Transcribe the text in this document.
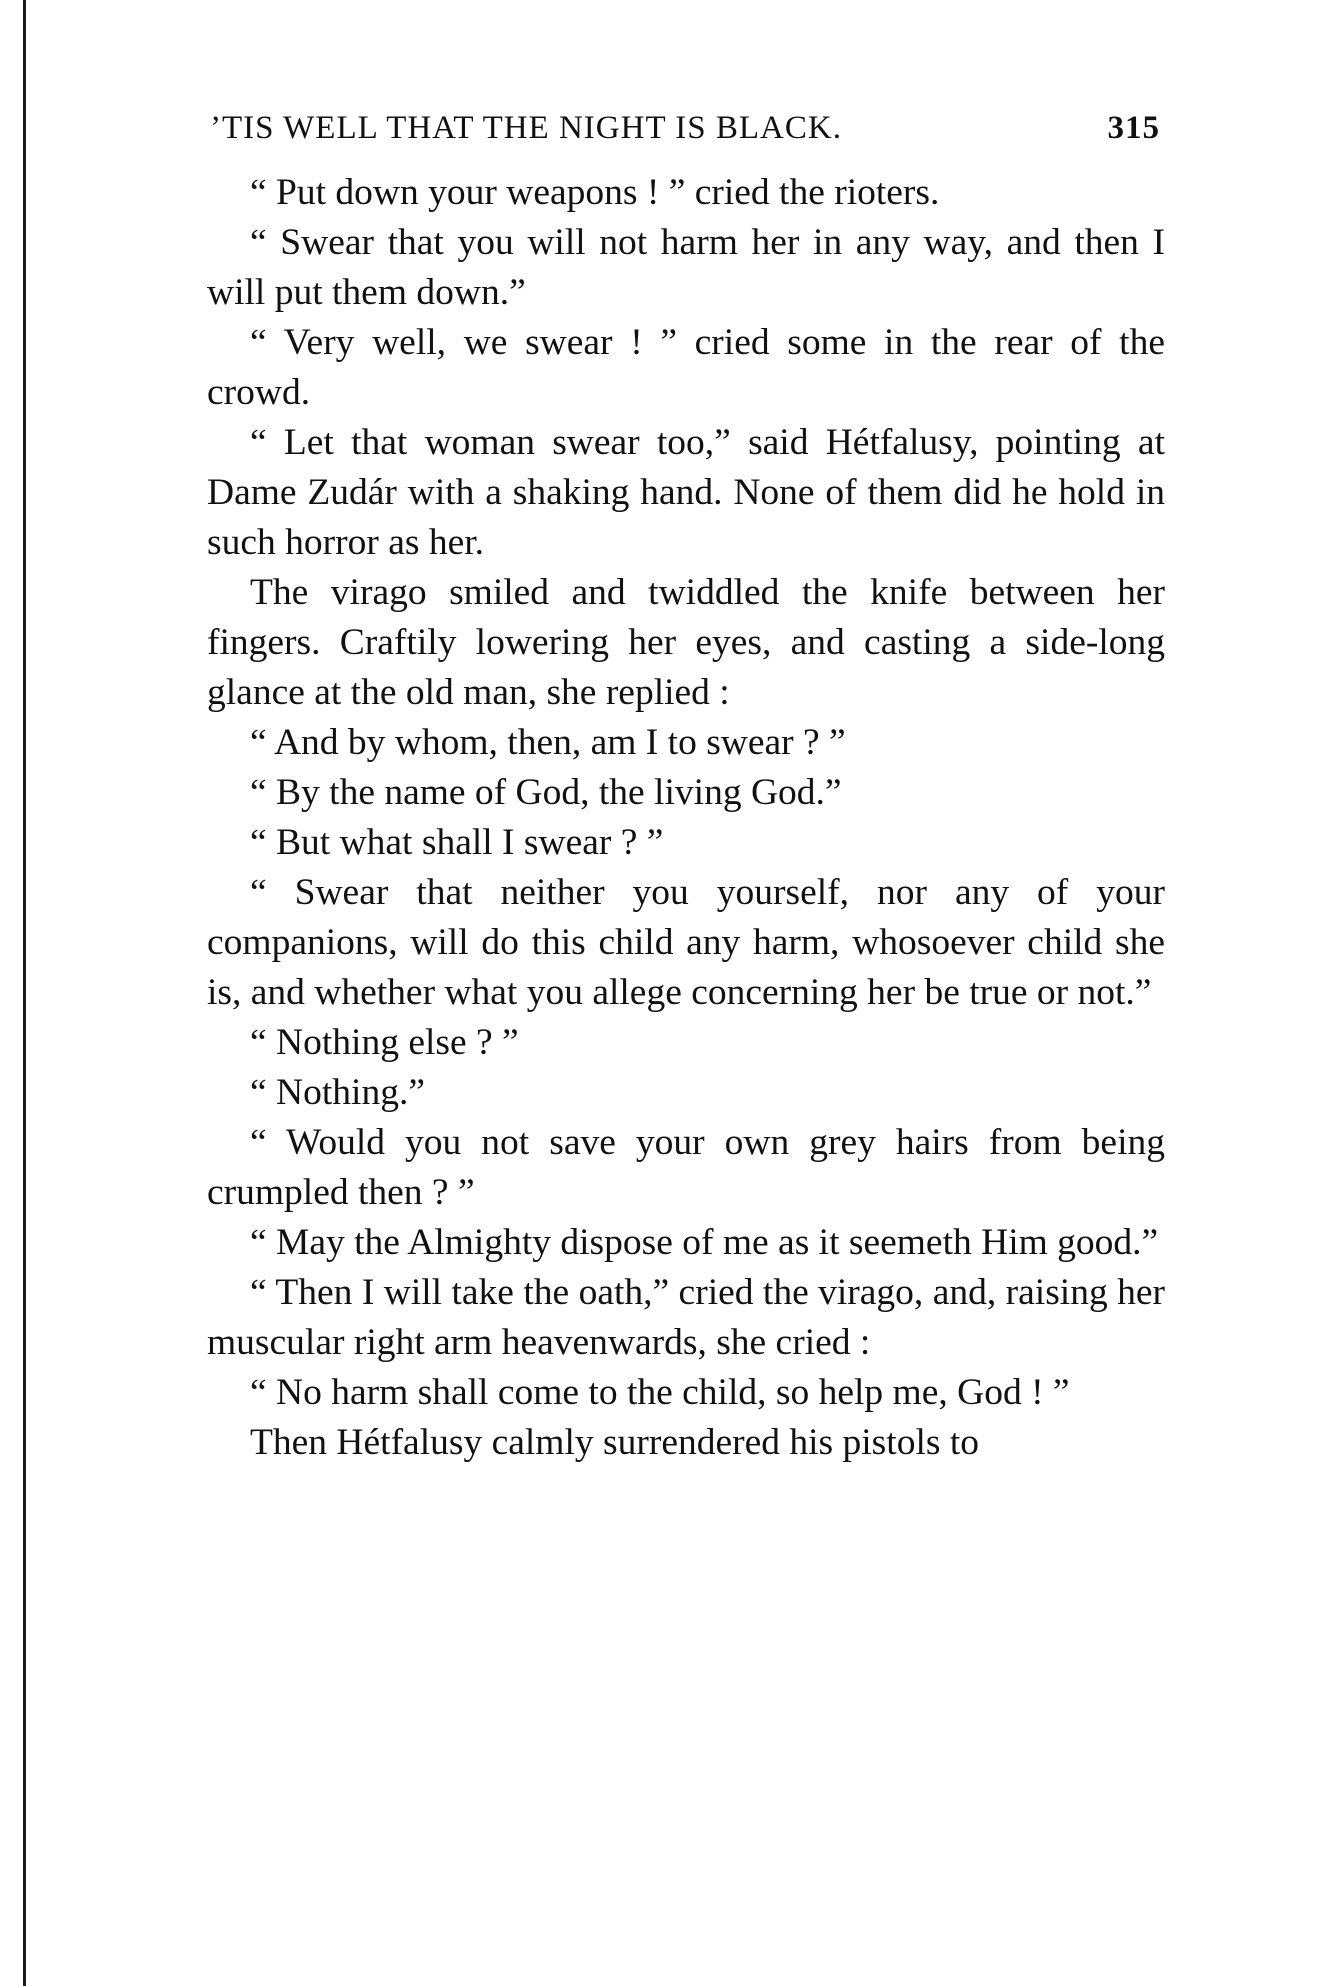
’TIS WELL THAT THE NIGHT IS BLACK.	315

“ Put down your weapons ! ” cried the rioters.

“ Swear that you will not harm her in any way, and then I will put them down.”

“ Very well, we swear ! ” cried some in the rear of the crowd.

“ Let that woman swear too,” said Hétfalusy, pointing at Dame Zudár with a shaking hand. None of them did he hold in such horror as her.

The virago smiled and twiddled the knife between her fingers. Craftily lowering her eyes, and casting a side-long glance at the old man, she replied :

“ And by whom, then, am I to swear ? ”

“ By the name of God, the living God.”

“ But what shall I swear ? ”

“ Swear that neither you yourself, nor any of your companions, will do this child any harm, whosoever child she is, and whether what you allege concerning her be true or not.”

“ Nothing else ? ”

“ Nothing.”

“ Would you not save your own grey hairs from being crumpled then ? ”

“ May the Almighty dispose of me as it seemeth Him good.”

“ Then I will take the oath,” cried the virago, and, raising her muscular right arm heavenwards, she cried :

“ No harm shall come to the child, so help me, God ! ”

Then Hétfalusy calmly surrendered his pistols to
